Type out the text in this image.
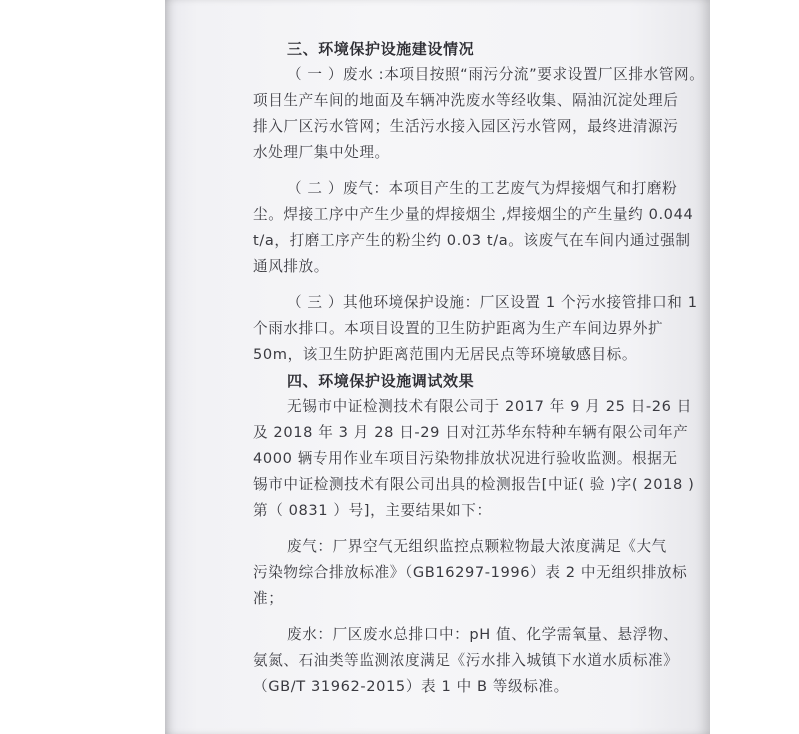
三、环境保护设施建设情况
（ 一 ）废水 :本项目按照“雨污分流”要求设置厂区排水管网。
项目生产车间的地面及车辆冲洗废水等经收集、隔油沉淀处理后
排入厂区污水管网；生活污水接入园区污水管网，最终进清源污
水处理厂集中处理。
（ 二 ）废气：本项目产生的工艺废气为焊接烟气和打磨粉
尘。焊接工序中产生少量的焊接烟尘 ,焊接烟尘的产生量约 0.044
t/a，打磨工序产生的粉尘约 0.03 t/a。该废气在车间内通过强制
通风排放。
（ 三 ）其他环境保护设施：厂区设置 1 个污水接管排口和 1
个雨水排口。本项目设置的卫生防护距离为生产车间边界外扩
50m，该卫生防护距离范围内无居民点等环境敏感目标。
四、环境保护设施调试效果
无锡市中证检测技术有限公司于 2017 年 9 月 25 日-26 日
及 2018 年 3 月 28 日-29 日对江苏华东特种车辆有限公司年产
4000 辆专用作业车项目污染物排放状况进行验收监测。根据无
锡市中证检测技术有限公司出具的检测报告[中证( 验 )字( 2018 )
第（ 0831 ）号]，主要结果如下：
废气：厂界空气无组织监控点颗粒物最大浓度满足《大气
污染物综合排放标准》（GB16297-1996）表 2 中无组织排放标
准；
废水：厂区废水总排口中：pH 值、化学需氧量、悬浮物、
氨氮、石油类等监测浓度满足《污水排入城镇下水道水质标准》
（GB/T 31962-2015）表 1 中 B 等级标准。
